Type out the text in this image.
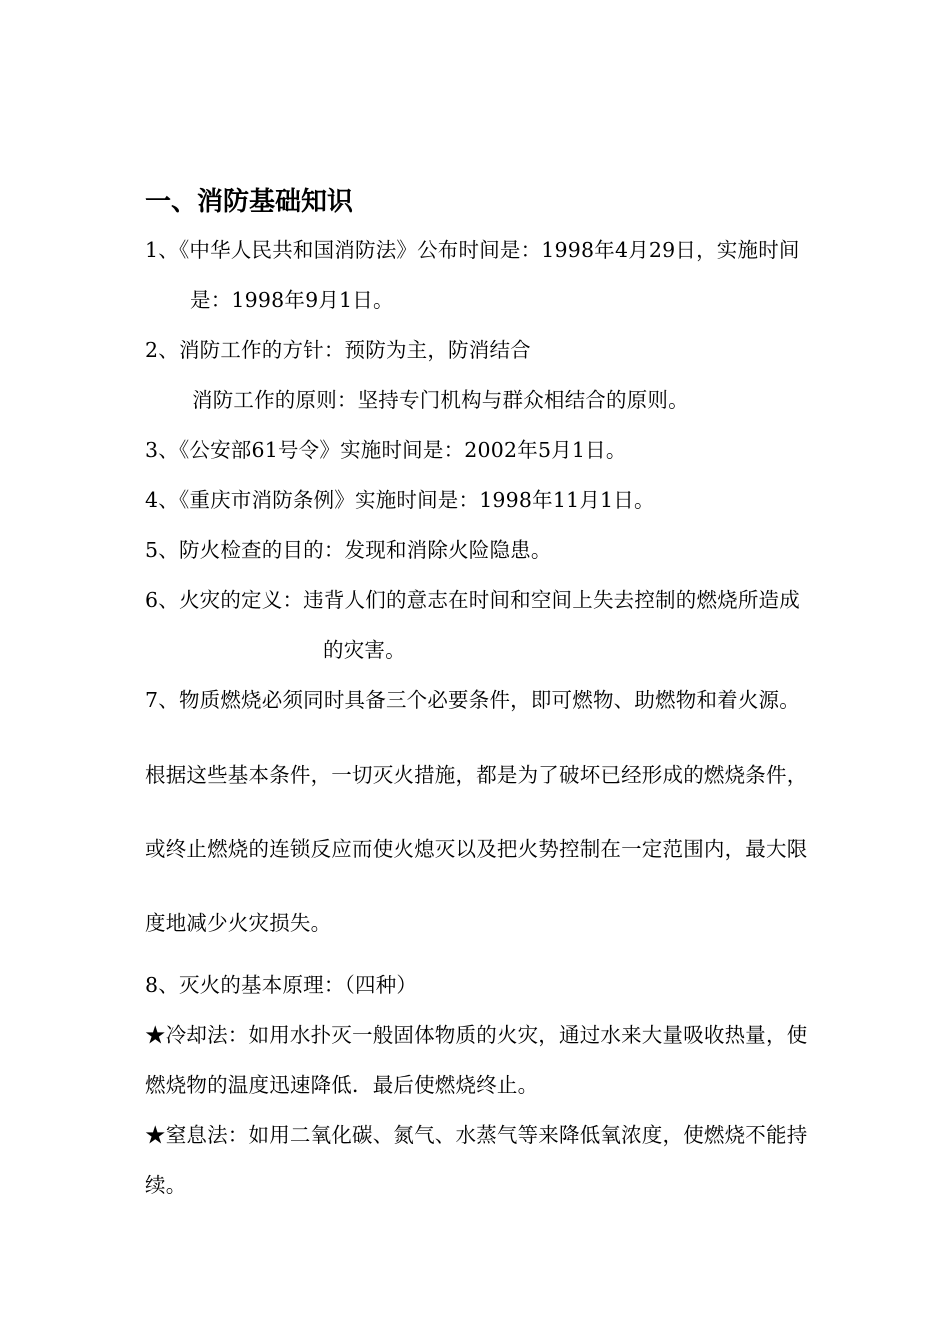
一、消防基础知识
1、《中华人民共和国消防法》公布时间是：1998年4月29日，实施时间
是：1998年9月1日。
2、消防工作的方针：预防为主，防消结合
消防工作的原则：坚持专门机构与群众相结合的原则。
3、《公安部61号令》实施时间是：2002年5月1日。
4、《重庆市消防条例》实施时间是：1998年11月1日。
5、防火检查的目的：发现和消除火险隐患。
6、火灾的定义：违背人们的意志在时间和空间上失去控制的燃烧所造成
的灾害。
7、物质燃烧必须同时具备三个必要条件，即可燃物、助燃物和着火源。
根据这些基本条件，一切灭火措施，都是为了破坏已经形成的燃烧条件，
或终止燃烧的连锁反应而使火熄灭以及把火势控制在一定范围内，最大限
度地减少火灾损失。
8、灭火的基本原理：（四种）
★冷却法：如用水扑灭一般固体物质的火灾，通过水来大量吸收热量，使
燃烧物的温度迅速降低．最后使燃烧终止。
★窒息法：如用二氧化碳、氮气、水蒸气等来降低氧浓度，使燃烧不能持
续。
